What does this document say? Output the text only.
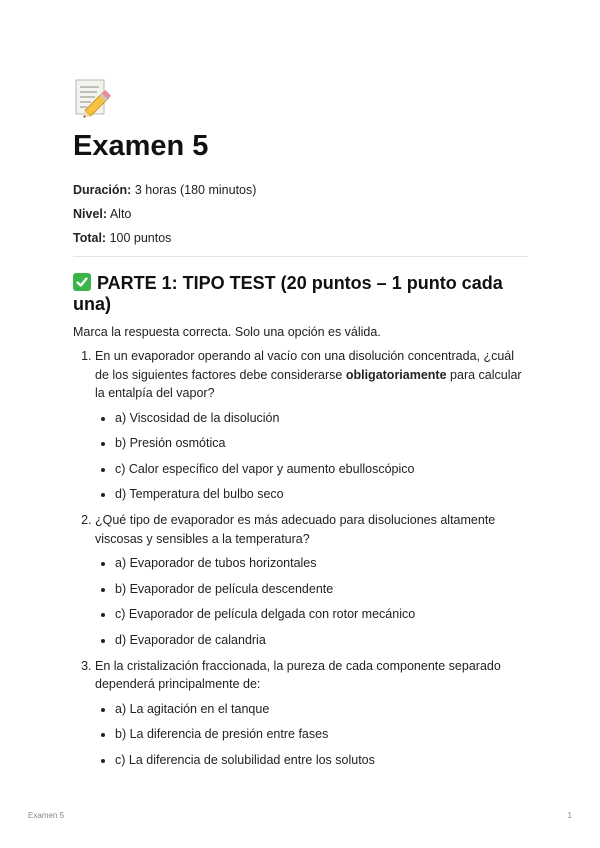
Examen 5

Duración: 3 horas (180 minutos)

Nivel: Alto

Total: 100 puntos

PARTE 1: TIPO TEST (20 puntos – 1 punto cada una)

Marca la respuesta correcta. Solo una opción es válida.

1. En un evaporador operando al vacío con una disolución concentrada, ¿cuál de los siguientes factores debe considerarse obligatoriamente para calcular la entalpía del vapor?
• a) Viscosidad de la disolución
• b) Presión osmótica
• c) Calor específico del vapor y aumento ebulloscópico
• d) Temperatura del bulbo seco
2. ¿Qué tipo de evaporador es más adecuado para disoluciones altamente viscosas y sensibles a la temperatura?
• a) Evaporador de tubos horizontales
• b) Evaporador de película descendente
• c) Evaporador de película delgada con rotor mecánico
• d) Evaporador de calandria
3. En la cristalización fraccionada, la pureza de cada componente separado dependerá principalmente de:
• a) La agitación en el tanque
• b) La diferencia de presión entre fases
• c) La diferencia de solubilidad entre los solutos
Examen 5	1
